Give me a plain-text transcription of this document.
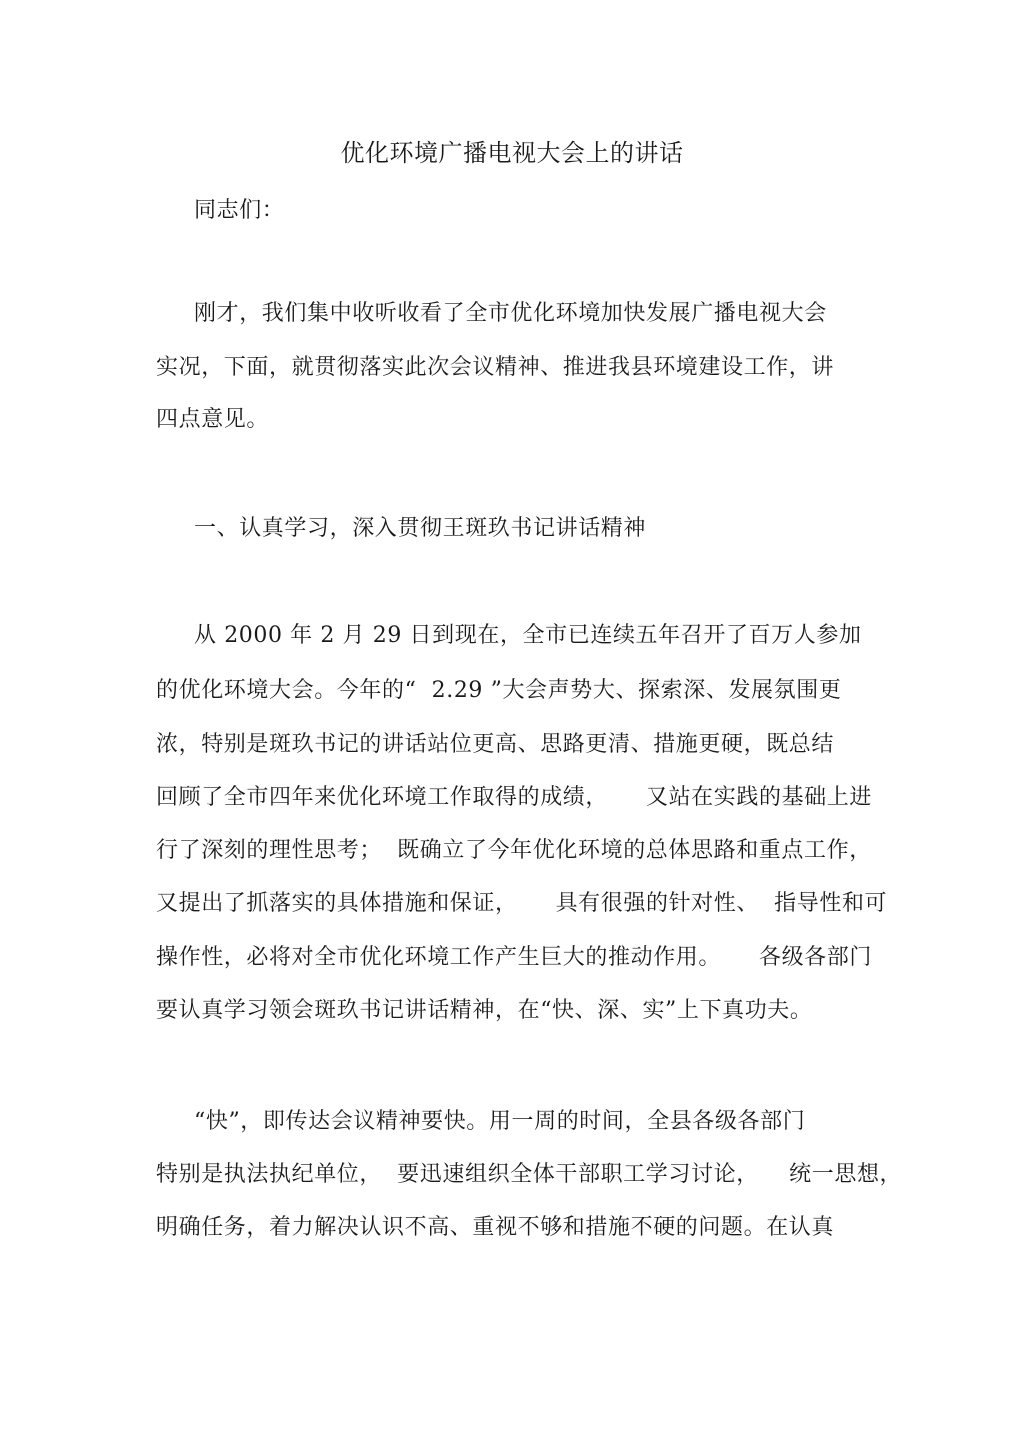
优化环境广播电视大会上的讲话
同志们：
刚才，我们集中收听收看了全市优化环境加快发展广播电视大会
实况，下面，就贯彻落实此次会议精神、推进我县环境建设工作，讲
四点意见。
一、认真学习，深入贯彻王斑玖书记讲话精神
从 2000 年 2 月 29 日到现在，全市已连续五年召开了百万人参加
的优化环境大会。今年的“  2.29 ”大会声势大、探索深、发展氛围更
浓，特别是斑玖书记的讲话站位更高、思路更清、措施更硬，既总结
回顾了全市四年来优化环境工作取得的成绩，     又站在实践的基础上进
行了深刻的理性思考；  既确立了今年优化环境的总体思路和重点工作，
又提出了抓落实的具体措施和保证，     具有很强的针对性、  指导性和可
操作性，必将对全市优化环境工作产生巨大的推动作用。     各级各部门
要认真学习领会斑玖书记讲话精神，在“快、深、实”上下真功夫。
“快”，即传达会议精神要快。用一周的时间，全县各级各部门
特别是执法执纪单位，  要迅速组织全体干部职工学习讨论，    统一思想，
明确任务，着力解决认识不高、重视不够和措施不硬的问题。在认真
